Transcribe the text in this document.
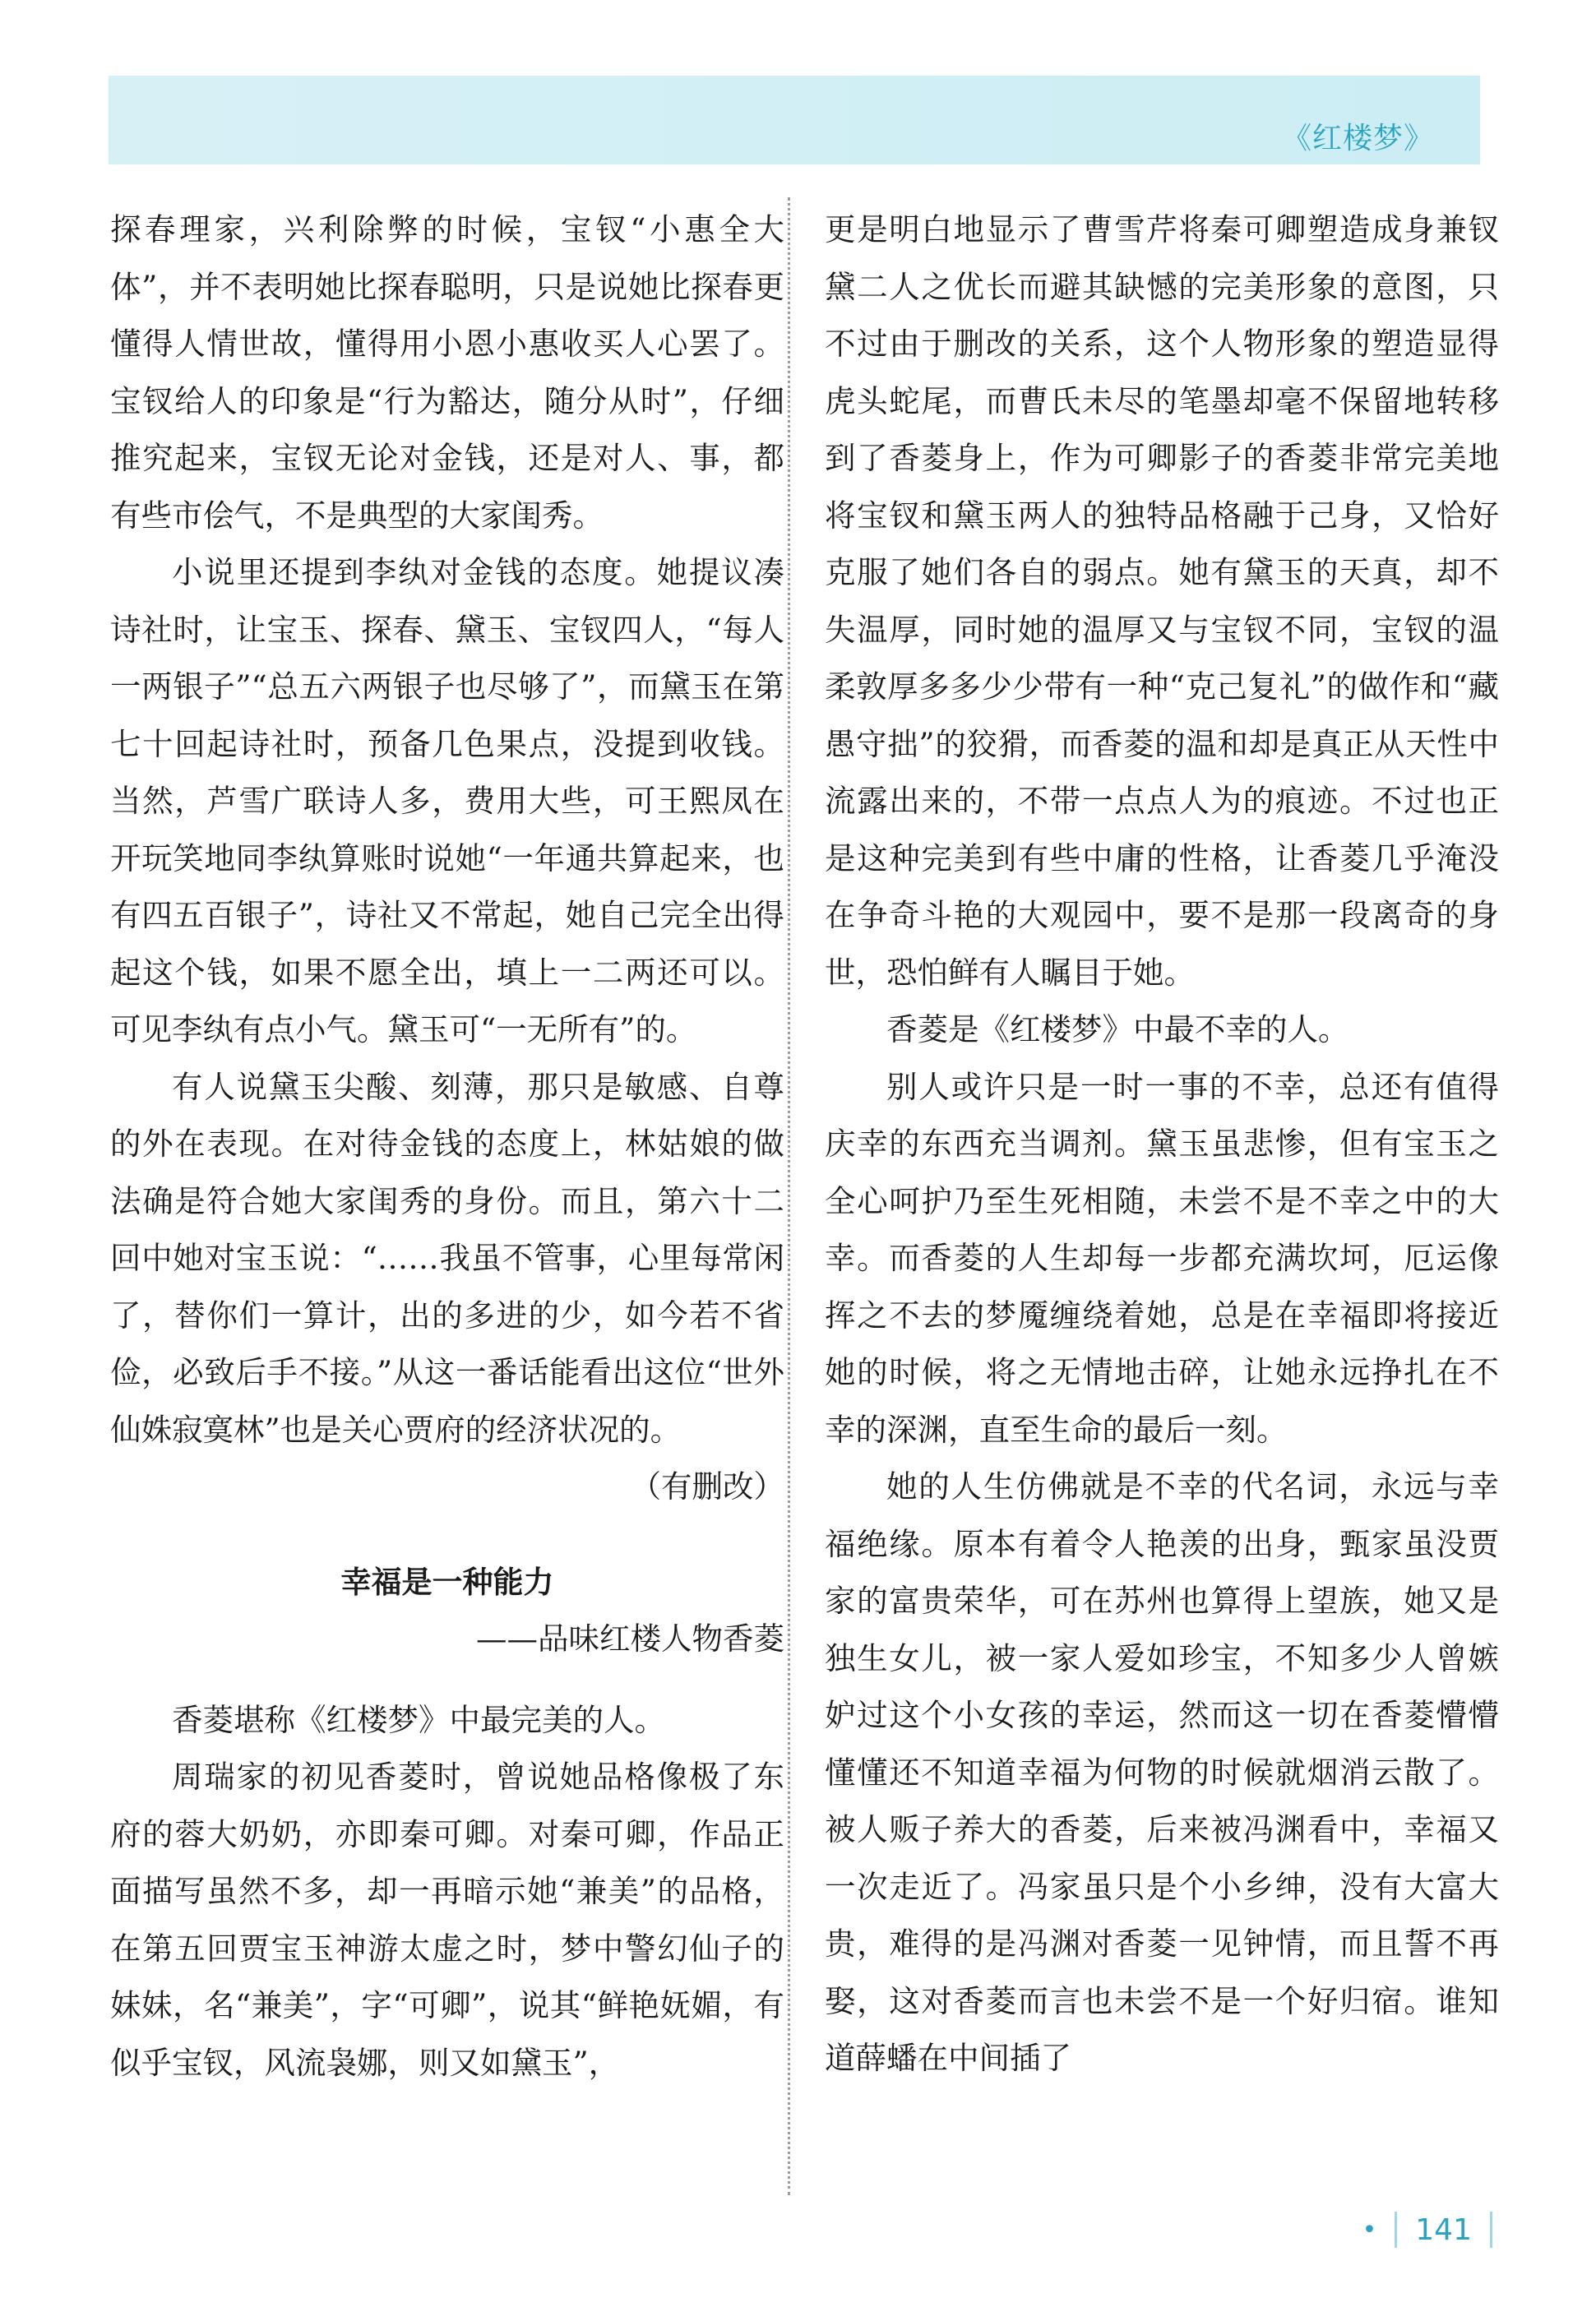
《红楼梦》

探春理家，兴利除弊的时候，宝钗“小惠全大体”，并不表明她比探春聪明，只是说她比探春更懂得人情世故，懂得用小恩小惠收买人心罢了。宝钗给人的印象是“行为豁达，随分从时”，仔细推究起来，宝钗无论对金钱，还是对人、事，都有些市侩气，不是典型的大家闺秀。

小说里还提到李纨对金钱的态度。她提议凑诗社时，让宝玉、探春、黛玉、宝钗四人，“每人一两银子”“总五六两银子也尽够了”，而黛玉在第七十回起诗社时，预备几色果点，没提到收钱。当然，芦雪广联诗人多，费用大些，可王熙凤在开玩笑地同李纨算账时说她“一年通共算起来，也有四五百银子”，诗社又不常起，她自己完全出得起这个钱，如果不愿全出，填上一二两还可以。可见李纨有点小气。黛玉可“一无所有”的。

有人说黛玉尖酸、刻薄，那只是敏感、自尊的外在表现。在对待金钱的态度上，林姑娘的做法确是符合她大家闺秀的身份。而且，第六十二回中她对宝玉说：“……我虽不管事，心里每常闲了，替你们一算计，出的多进的少，如今若不省俭，必致后手不接。”从这一番话能看出这位“世外仙姝寂寞林”也是关心贾府的经济状况的。

（有删改）

幸福是一种能力

——品味红楼人物香菱

香菱堪称《红楼梦》中最完美的人。

周瑞家的初见香菱时，曾说她品格像极了东府的蓉大奶奶，亦即秦可卿。对秦可卿，作品正面描写虽然不多，却一再暗示她“兼美”的品格，在第五回贾宝玉神游太虚之时，梦中警幻仙子的妹妹，名“兼美”，字“可卿”，说其“鲜艳妩媚，有似乎宝钗，风流袅娜，则又如黛玉”，

更是明白地显示了曹雪芹将秦可卿塑造成身兼钗黛二人之优长而避其缺憾的完美形象的意图，只不过由于删改的关系，这个人物形象的塑造显得虎头蛇尾，而曹氏未尽的笔墨却毫不保留地转移到了香菱身上，作为可卿影子的香菱非常完美地将宝钗和黛玉两人的独特品格融于己身，又恰好克服了她们各自的弱点。她有黛玉的天真，却不失温厚，同时她的温厚又与宝钗不同，宝钗的温柔敦厚多多少少带有一种“克己复礼”的做作和“藏愚守拙”的狡猾，而香菱的温和却是真正从天性中流露出来的，不带一点点人为的痕迹。不过也正是这种完美到有些中庸的性格，让香菱几乎淹没在争奇斗艳的大观园中，要不是那一段离奇的身世，恐怕鲜有人瞩目于她。

香菱是《红楼梦》中最不幸的人。

别人或许只是一时一事的不幸，总还有值得庆幸的东西充当调剂。黛玉虽悲惨，但有宝玉之全心呵护乃至生死相随，未尝不是不幸之中的大幸。而香菱的人生却每一步都充满坎坷，厄运像挥之不去的梦魇缠绕着她，总是在幸福即将接近她的时候，将之无情地击碎，让她永远挣扎在不幸的深渊，直至生命的最后一刻。

她的人生仿佛就是不幸的代名词，永远与幸福绝缘。原本有着令人艳羡的出身，甄家虽没贾家的富贵荣华，可在苏州也算得上望族，她又是独生女儿，被一家人爱如珍宝，不知多少人曾嫉妒过这个小女孩的幸运，然而这一切在香菱懵懵懂懂还不知道幸福为何物的时候就烟消云散了。被人贩子养大的香菱，后来被冯渊看中，幸福又一次走近了。冯家虽只是个小乡绅，没有大富大贵，难得的是冯渊对香菱一见钟情，而且誓不再娶，这对香菱而言也未尝不是一个好归宿。谁知道薛蟠在中间插了

• 141
